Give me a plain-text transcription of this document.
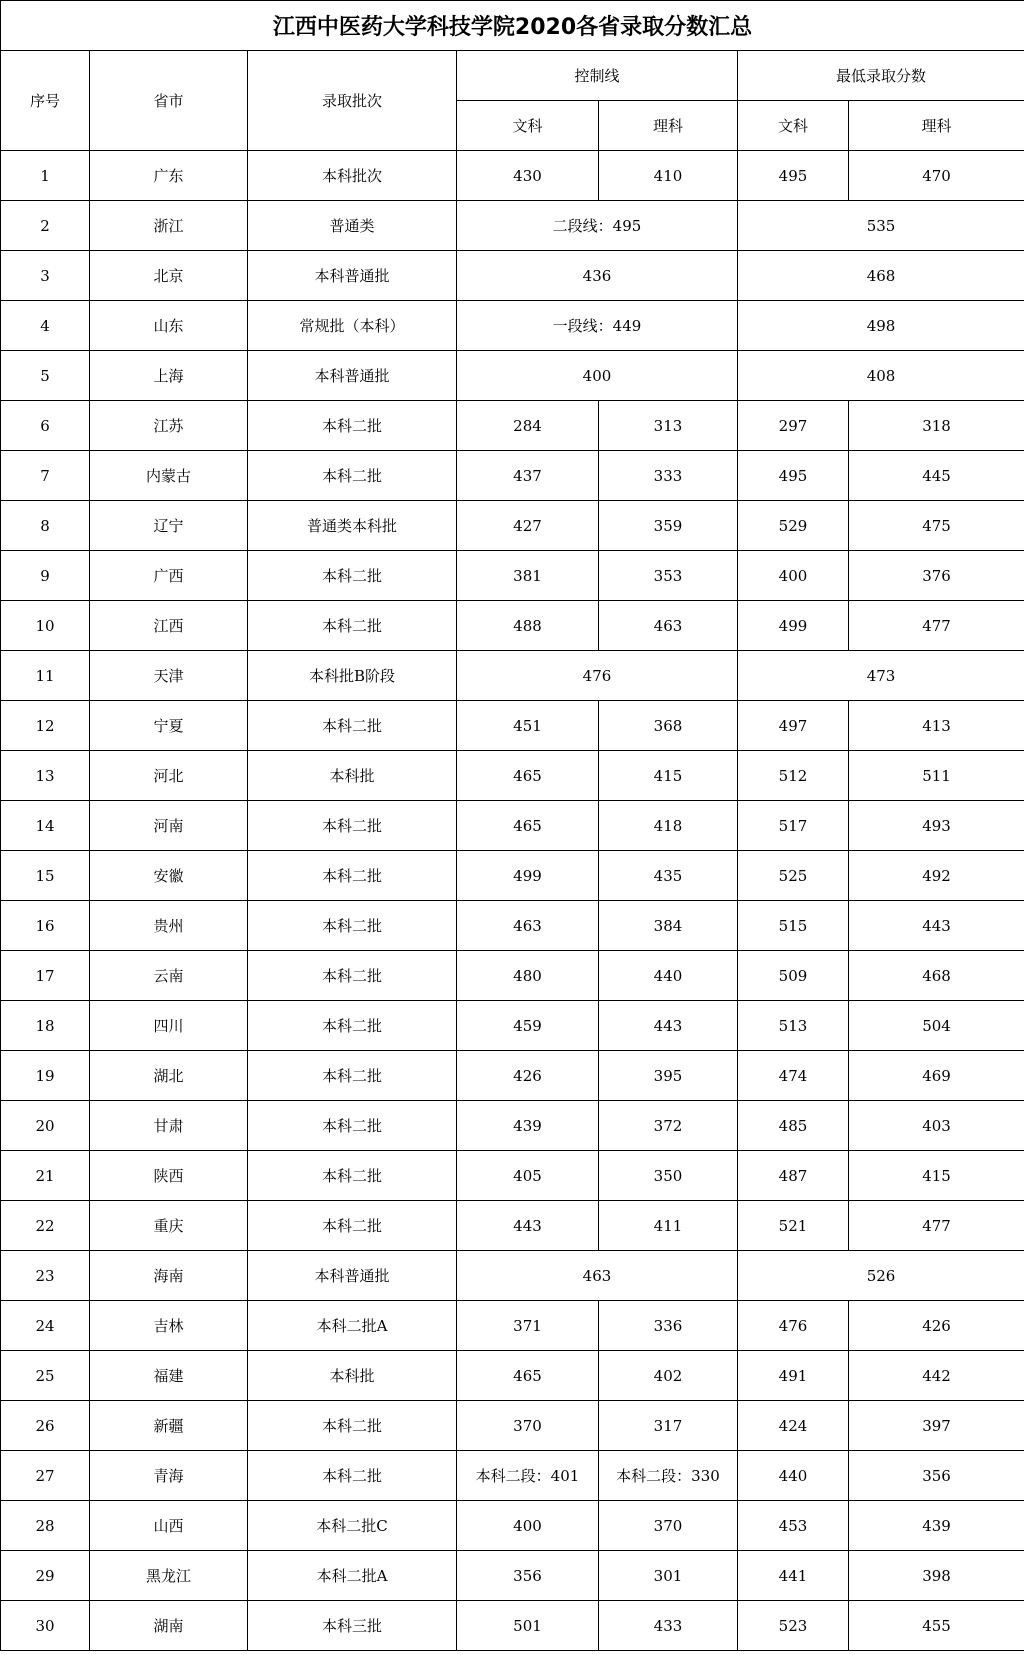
江西中医药大学科技学院2020各省录取分数汇总						
序号	省市	录取批次	控制线		最低录取分数	
			文科	理科	文科	理科
1	广东	本科批次	430	410	495	470
2	浙江	普通类	二段线：495		535	
3	北京	本科普通批	436		468	
4	山东	常规批（本科）	一段线：449		498	
5	上海	本科普通批	400		408	
6	江苏	本科二批	284	313	297	318
7	内蒙古	本科二批	437	333	495	445
8	辽宁	普通类本科批	427	359	529	475
9	广西	本科二批	381	353	400	376
10	江西	本科二批	488	463	499	477
11	天津	本科批B阶段	476		473	
12	宁夏	本科二批	451	368	497	413
13	河北	本科批	465	415	512	511
14	河南	本科二批	465	418	517	493
15	安徽	本科二批	499	435	525	492
16	贵州	本科二批	463	384	515	443
17	云南	本科二批	480	440	509	468
18	四川	本科二批	459	443	513	504
19	湖北	本科二批	426	395	474	469
20	甘肃	本科二批	439	372	485	403
21	陕西	本科二批	405	350	487	415
22	重庆	本科二批	443	411	521	477
23	海南	本科普通批	463		526	
24	吉林	本科二批A	371	336	476	426
25	福建	本科批	465	402	491	442
26	新疆	本科二批	370	317	424	397
27	青海	本科二批	本科二段：401	本科二段：330	440	356
28	山西	本科二批C	400	370	453	439
29	黑龙江	本科二批A	356	301	441	398
30	湖南	本科三批	501	433	523	455
